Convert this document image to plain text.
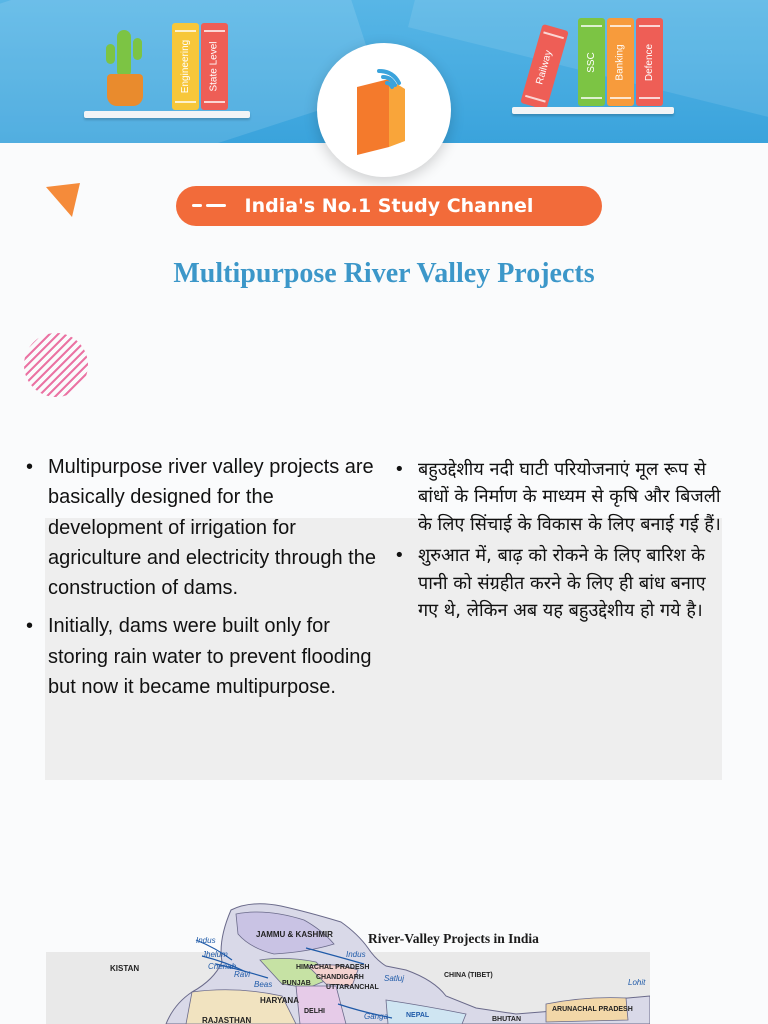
Engineering State Level	Railway	SSC Banking Defence
India's No.1 Study Channel
Multipurpose River Valley Projects
• Multipurpose river valley projects are basically designed for the development of irrigation for agriculture and electricity through the construction of dams.
• Initially, dams were built only for storing rain water to prevent flooding but now it became multipurpose.
• बहुउद्देशीय नदी घाटी परियोजनाएं मूल रूप से बांधों के निर्माण के माध्यम से कृषि और बिजली के लिए सिंचाई के विकास के लिए बनाई गई हैं।
• शुरुआत में, बाढ़ को रोकने के लिए बारिश के पानी को संग्रहीत करने के लिए ही बांध बनाए गए थे, लेकिन अब यह बहुउद्देशीय हो गये है।
River-Valley Projects in India
JAMMU & KASHMIR
HIMACHAL PRADESH
PUNJAB
CHANDIGARH
UTTARANCHAL
HARYANA
DELHI
RAJASTHAN
ARUNACHAL PRADESH
NEPAL
BHUTAN
CHINA (TIBET)
KISTAN
Indus
Jhelum
Chenab
Ravi
Beas
Satluj
Indus
Ganga
Lohit
